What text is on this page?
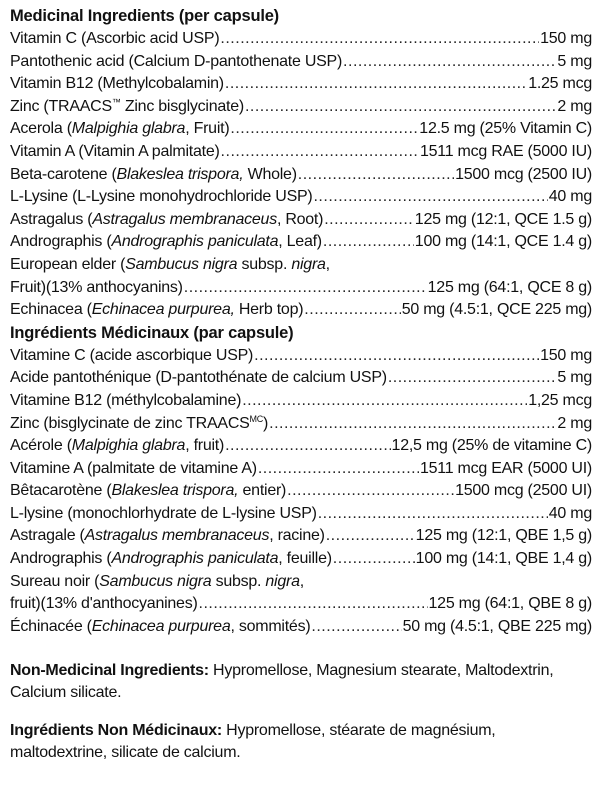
Medicinal Ingredients (per capsule)
Vitamin C (Ascorbic acid USP) .....	150 mg
Pantothenic acid (Calcium D-pantothenate USP) .....	5 mg
Vitamin B12 (Methylcobalamin) .....	1.25 mcg
Zinc (TRAACS™ Zinc bisglycinate) .....	2 mg
Acerola (Malpighia glabra, Fruit) .....	12.5 mg (25% Vitamin C)
Vitamin A (Vitamin A palmitate) .....	1511 mcg RAE (5000 IU)
Beta-carotene (Blakeslea trispora, Whole) .....	1500 mcg (2500 IU)
L-Lysine (L-Lysine monohydrochloride USP) .....	40 mg
Astragalus (Astragalus membranaceus, Root) .....	125 mg (12:1, QCE 1.5 g)
Andrographis (Andrographis paniculata, Leaf) .....	100 mg (14:1, QCE 1.4 g)
European elder (Sambucus nigra subsp. nigra,
Fruit)(13% anthocyanins) .....	125 mg (64:1, QCE 8 g)
Echinacea (Echinacea purpurea, Herb top) .....	50 mg (4.5:1, QCE 225 mg)
Ingrédients Médicinaux (par capsule)
Vitamine C (acide ascorbique USP) .....	150 mg
Acide pantothénique (D-pantothénate de calcium USP) .....	5 mg
Vitamine B12 (méthylcobalamine) .....	1,25 mcg
Zinc (bisglycinate de zinc $TRAACS^{MC}$) .....	2 mg
Acérole (Malpighia glabra, fruit) .....	12,5 mg (25% de vitamine C)
Vitamine A (palmitate de vitamine A) .....	1511 mcg EAR (5000 UI)
Bêtacarotène (Blakeslea trispora, entier) .....	1500 mcg (2500 UI)
L-lysine (monochlorhydrate de L-lysine USP) .....	40 mg
Astragale (Astragalus membranaceus, racine) .....	125 mg (12:1, QBE 1,5 g)
Andrographis (Andrographis paniculata, feuille) .....	100 mg (14:1, QBE 1,4 g)
Sureau noir (Sambucus nigra subsp. nigra,
fruit)(13% d'anthocyanines) .....	125 mg (64:1, QBE 8 g)
Échinacée (Echinacea purpurea, sommités) .....	50 mg (4.5:1, QBE 225 mg)

Non-Medicinal Ingredients: Hypromellose, Magnesium stearate, Maltodextrin, Calcium silicate.

Ingrédients Non Médicinaux: Hypromellose, stéarate de magnésium, maltodextrine, silicate de calcium.
